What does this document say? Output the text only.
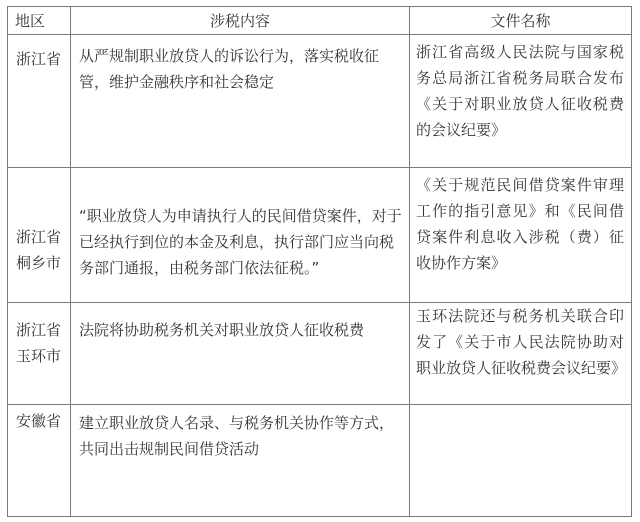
地区	涉税内容	文件名称

浙江省	从严规制职业放贷人的诉讼行为，落实税收征管，维护金融秩序和社会稳定	浙江省高级人民法院与国家税务总局浙江省税务局联合发布《关于对职业放贷人征收税费的会议纪要》

浙江省桐乡市	“职业放贷人为申请执行人的民间借贷案件，对于已经执行到位的本金及利息，执行部门应当向税务部门通报，由税务部门依法征税。”	《关于规范民间借贷案件审理工作的指引意见》和《民间借贷案件利息收入涉税（费）征收协作方案》

浙江省玉环市	法院将协助税务机关对职业放贷人征收税费	玉环法院还与税务机关联合印发了《关于市人民法院协助对职业放贷人征收税费会议纪要》

安徽省	建立职业放贷人名录、与税务机关协作等方式，共同出击规制民间借贷活动	
